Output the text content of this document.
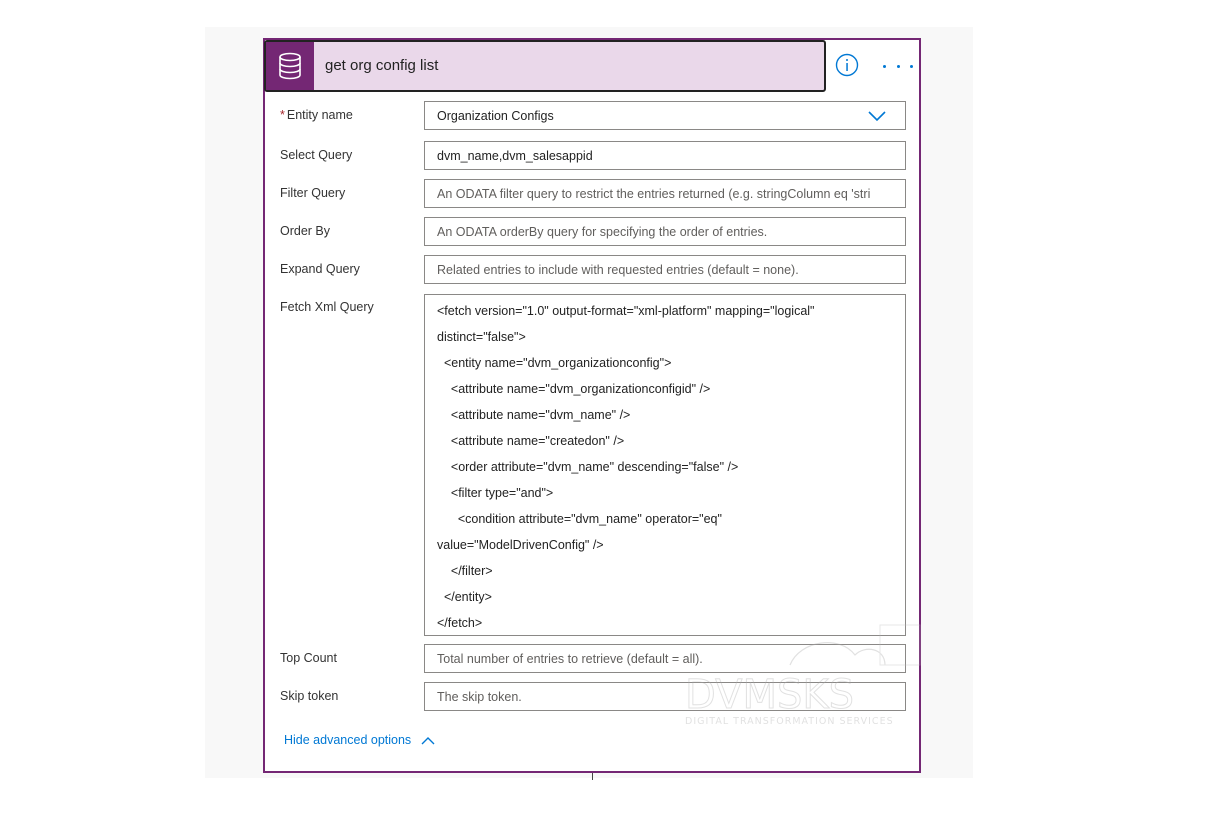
get org config list
* Entity name	Organization Configs
Select Query	dvm_name,dvm_salesappid
Filter Query	An ODATA filter query to restrict the entries returned (e.g. stringColumn eq 'stri
Order By	An ODATA orderBy query for specifying the order of entries.
Expand Query	Related entries to include with requested entries (default = none).
Fetch Xml Query	<fetch version="1.0" output-format="xml-platform" mapping="logical"
distinct="false">
<entity name="dvm_organizationconfig">
<attribute name="dvm_organizationconfigid" />
<attribute name="dvm_name" />
<attribute name="createdon" />
<order attribute="dvm_name" descending="false" />
<filter type="and">
<condition attribute="dvm_name" operator="eq"
value="ModelDrivenConfig" />
</filter>
</entity>
</fetch>
Top Count	Total number of entries to retrieve (default = all).
Skip token	The skip token.
Hide advanced options
DVMSKS
DIGITAL TRANSFORMATION SERVICES
